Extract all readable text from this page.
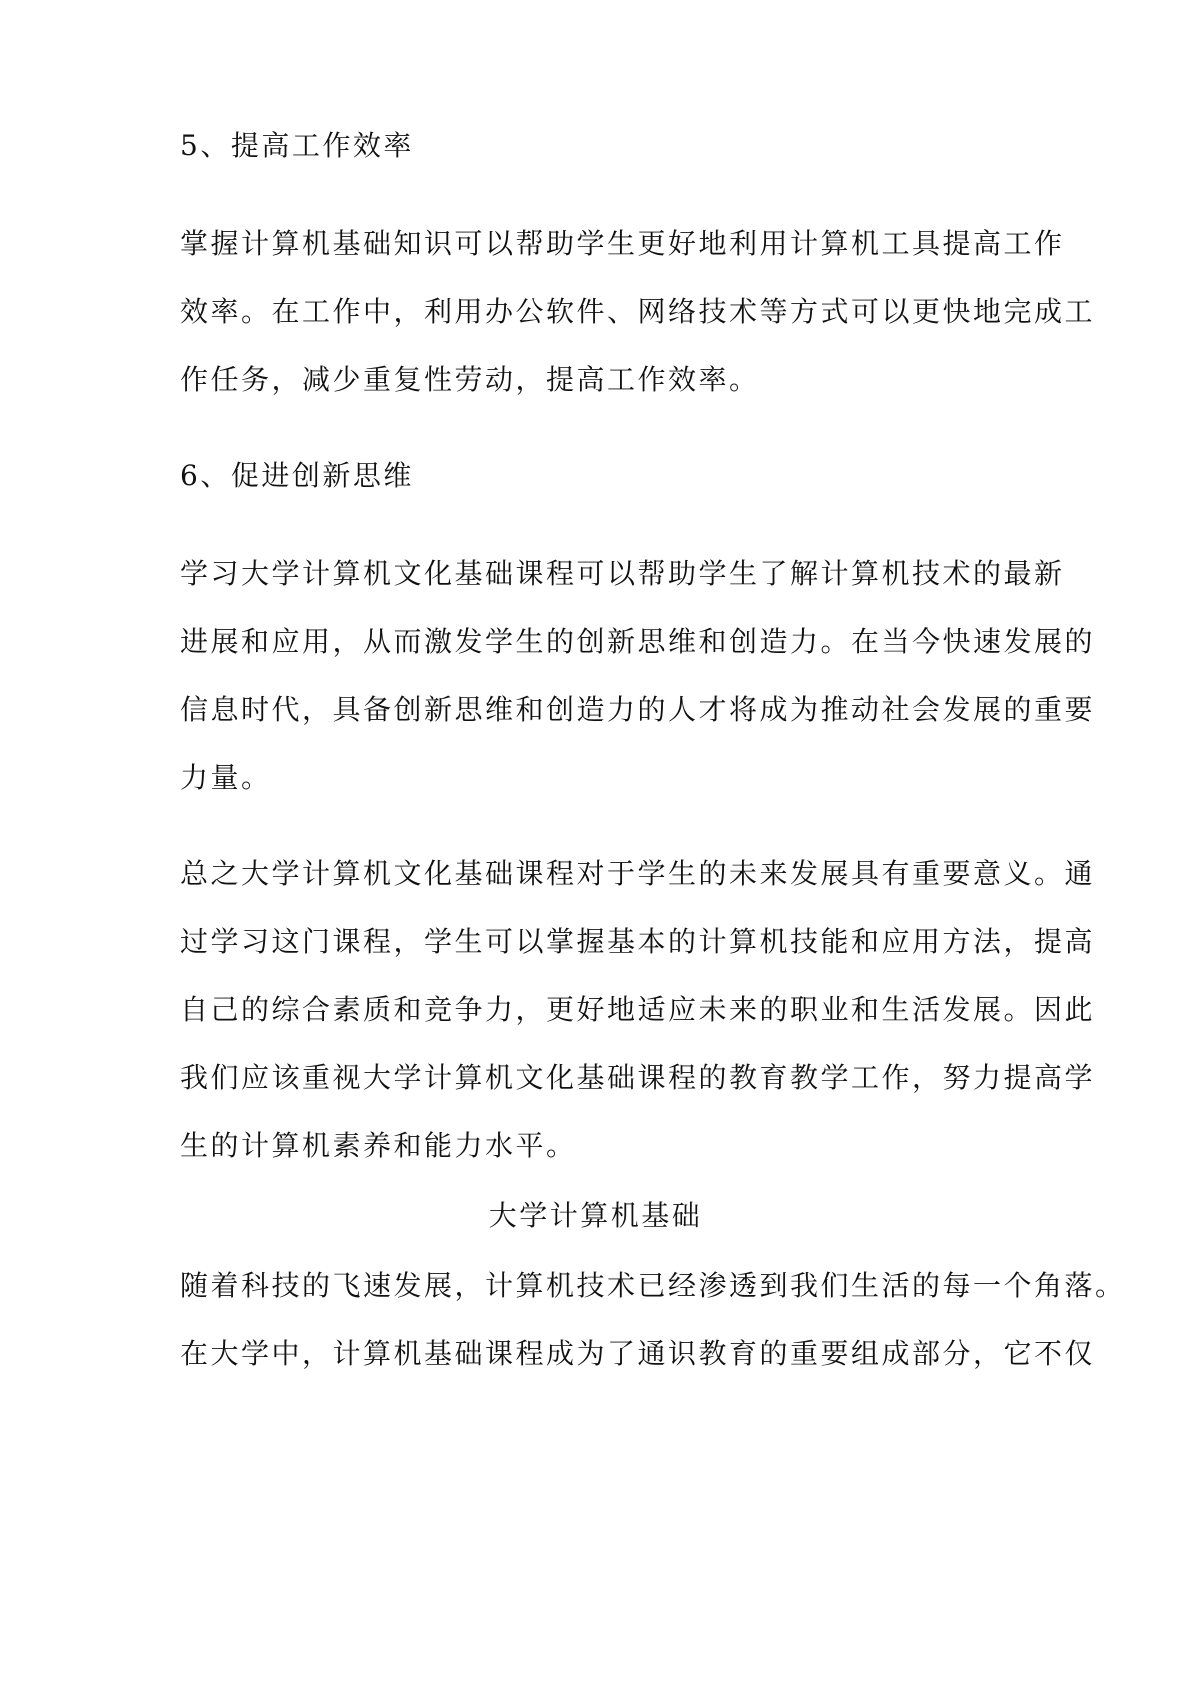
5、提高工作效率
掌握计算机基础知识可以帮助学生更好地利用计算机工具提高工作
效率。在工作中，利用办公软件、网络技术等方式可以更快地完成工
作任务，减少重复性劳动，提高工作效率。
6、促进创新思维
学习大学计算机文化基础课程可以帮助学生了解计算机技术的最新
进展和应用，从而激发学生的创新思维和创造力。在当今快速发展的
信息时代，具备创新思维和创造力的人才将成为推动社会发展的重要
力量。
总之大学计算机文化基础课程对于学生的未来发展具有重要意义。通
过学习这门课程，学生可以掌握基本的计算机技能和应用方法，提高
自己的综合素质和竞争力，更好地适应未来的职业和生活发展。因此
我们应该重视大学计算机文化基础课程的教育教学工作，努力提高学
生的计算机素养和能力水平。
大学计算机基础
随着科技的飞速发展，计算机技术已经渗透到我们生活的每一个角落。
在大学中，计算机基础课程成为了通识教育的重要组成部分，它不仅
